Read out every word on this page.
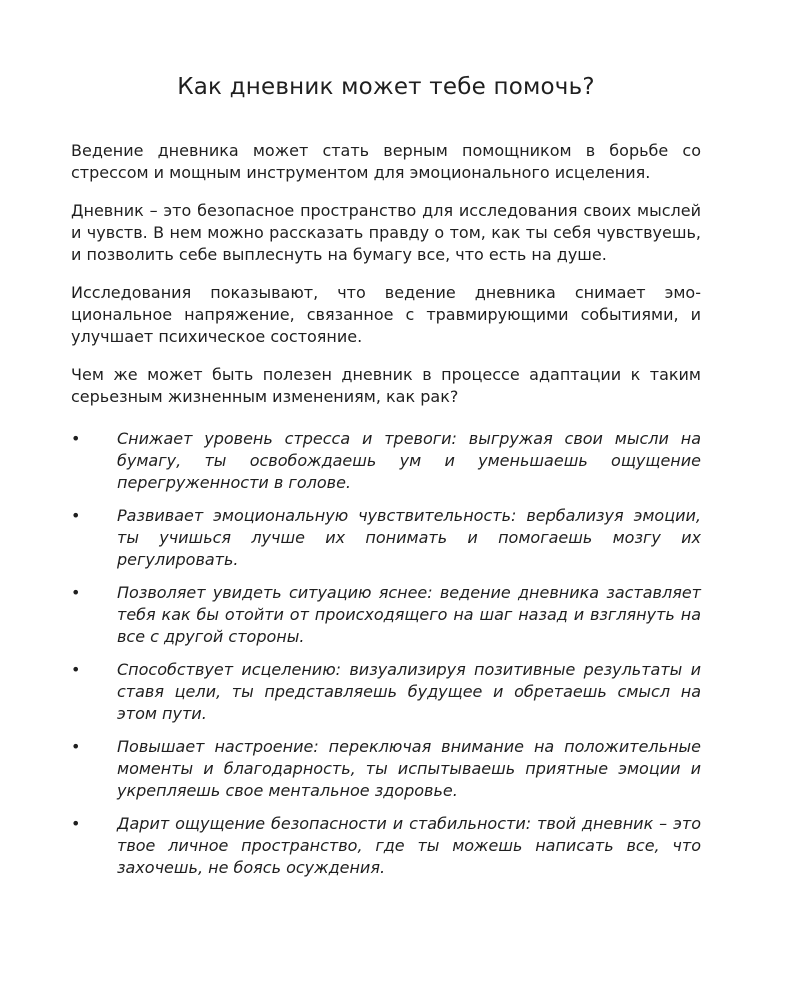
Как дневник может тебе помочь?

Ведение дневника может стать верным помощником в борьбе со стрессом и мощным инструментом для эмоционального исцеления.

Дневник – это безопасное пространство для исследования своих мыслей и чувств. В нем можно рассказать правду о том, как ты себя чувствуешь, и позволить себе выплеснуть на бумагу все, что есть на душе.

Исследования показывают, что ведение дневника снимает эмоциональное напряжение, связанное с травмирующими событиями, и улучшает психическое состояние.

Чем же может быть полезен дневник в процессе адаптации к таким серьезным жизненным изменениям, как рак?

• Снижает уровень стресса и тревоги: выгружая свои мысли на бумагу, ты освобождаешь ум и уменьшаешь ощущение перегруженности в голове.
• Развивает эмоциональную чувствительность: вербализуя эмоции, ты учишься лучше их понимать и помогаешь мозгу их регулировать.
• Позволяет увидеть ситуацию яснее: ведение дневника заставляет тебя как бы отойти от происходящего на шаг назад и взглянуть на все с другой стороны.
• Способствует исцелению: визуализируя позитивные результаты и ставя цели, ты представляешь будущее и обретаешь смысл на этом пути.
• Повышает настроение: переключая внимание на положительные моменты и благодарность, ты испытываешь приятные эмоции и укрепляешь свое ментальное здоровье.
• Дарит ощущение безопасности и стабильности: твой дневник – это твое личное пространство, где ты можешь написать все, что захочешь, не боясь осуждения.
